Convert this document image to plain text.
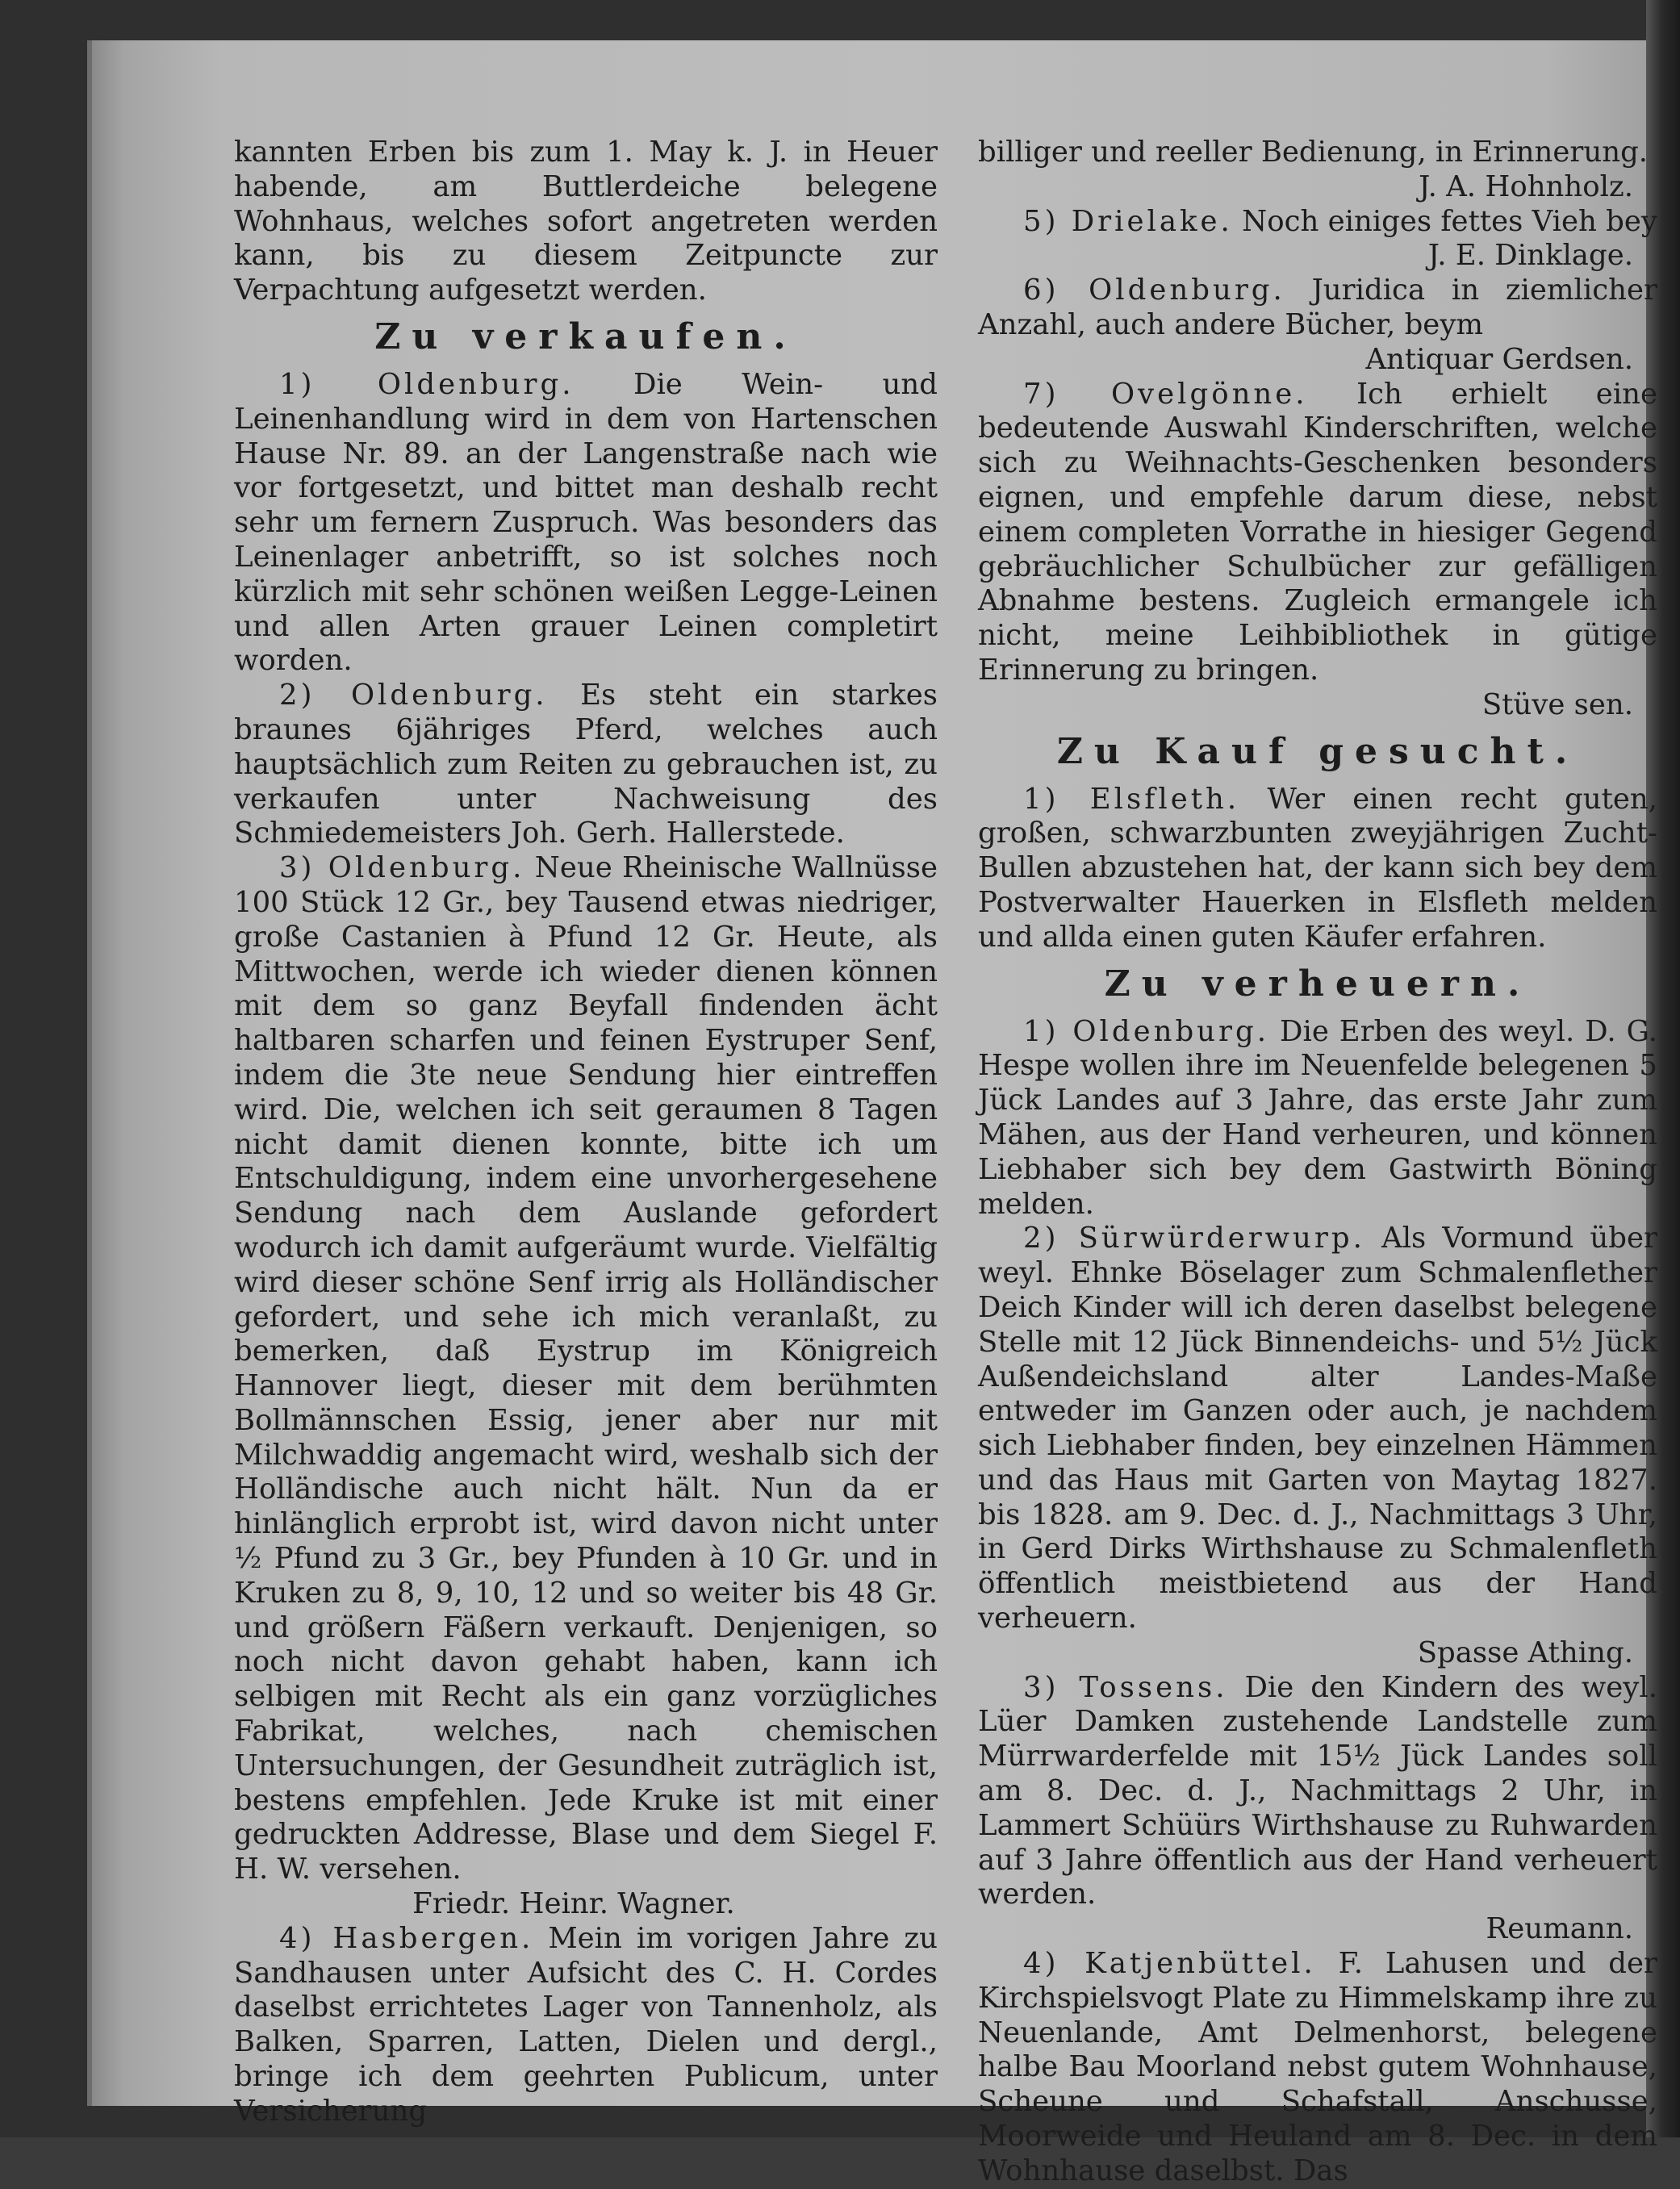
kannten Erben bis zum 1. May k. J. in Heuer habende, am Buttlerdeiche belegene Wohnhaus, welches sofort angetreten werden kann, bis zu diesem Zeitpuncte zur Verpachtung aufgesetzt werden.

Zu verkaufen.

1) Oldenburg. Die Wein- und Leinenhandlung wird in dem von Hartenschen Hause Nr. 89. an der Langenstraße nach wie vor fortgesetzt, und bittet man deshalb recht sehr um fernern Zuspruch. Was besonders das Leinenlager anbetrifft, so ist solches noch kürzlich mit sehr schönen weißen Legge-Leinen und allen Arten grauer Leinen completirt worden.

2) Oldenburg. Es steht ein starkes braunes 6jähriges Pferd, welches auch hauptsächlich zum Reiten zu gebrauchen ist, zu verkaufen unter Nachweisung des Schmiedemeisters Joh. Gerh. Hallerstede.

3) Oldenburg. Neue Rheinische Wallnüsse 100 Stück 12 Gr., bey Tausend etwas niedriger, große Castanien à Pfund 12 Gr. Heute, als Mittwochen, werde ich wieder dienen können mit dem so ganz Beyfall findenden ächt haltbaren scharfen und feinen Eystruper Senf, indem die 3te neue Sendung hier eintreffen wird. Die, welchen ich seit geraumen 8 Tagen nicht damit dienen konnte, bitte ich um Entschuldigung, indem eine unvorhergesehene Sendung nach dem Auslande gefordert wodurch ich damit aufgeräumt wurde. Vielfältig wird dieser schöne Senf irrig als Holländischer gefordert, und sehe ich mich veranlaßt, zu bemerken, daß Eystrup im Königreich Hannover liegt, dieser mit dem berühmten Bollmännschen Essig, jener aber nur mit Milchwaddig angemacht wird, weshalb sich der Holländische auch nicht hält. Nun da er hinlänglich erprobt ist, wird davon nicht unter ½ Pfund zu 3 Gr., bey Pfunden à 10 Gr. und in Kruken zu 8, 9, 10, 12 und so weiter bis 48 Gr. und größern Fäßern verkauft. Denjenigen, so noch nicht davon gehabt haben, kann ich selbigen mit Recht als ein ganz vorzügliches Fabrikat, welches, nach chemischen Untersuchungen, der Gesundheit zuträglich ist, bestens empfehlen. Jede Kruke ist mit einer gedruckten Addresse, Blase und dem Siegel F. H. W. versehen.

Friedr. Heinr. Wagner.

4) Hasbergen. Mein im vorigen Jahre zu Sandhausen unter Aufsicht des C. H. Cordes daselbst errichtetes Lager von Tannenholz, als Balken, Sparren, Latten, Dielen und dergl., bringe ich dem geehrten Publicum, unter Versicherung

billiger und reeller Bedienung, in Erinnerung.

J. A. Hohnholz.

5) Drielake. Noch einiges fettes Vieh bey

J. E. Dinklage.

6) Oldenburg. Juridica in ziemlicher Anzahl, auch andere Bücher, beym

Antiquar Gerdsen.

7) Ovelgönne. Ich erhielt eine bedeutende Auswahl Kinderschriften, welche sich zu Weihnachts-Geschenken besonders eignen, und empfehle darum diese, nebst einem completen Vorrathe in hiesiger Gegend gebräuchlicher Schulbücher zur gefälligen Abnahme bestens. Zugleich ermangele ich nicht, meine Leihbibliothek in gütige Erinnerung zu bringen.

Stüve sen.

Zu Kauf gesucht.

1) Elsfleth. Wer einen recht guten, großen, schwarzbunten zweyjährigen Zucht-Bullen abzustehen hat, der kann sich bey dem Postverwalter Hauerken in Elsfleth melden und allda einen guten Käufer erfahren.

Zu verheuern.

1) Oldenburg. Die Erben des weyl. D. G. Hespe wollen ihre im Neuenfelde belegenen 5 Jück Landes auf 3 Jahre, das erste Jahr zum Mähen, aus der Hand verheuren, und können Liebhaber sich bey dem Gastwirth Böning melden.

2) Sürwürderwurp. Als Vormund über weyl. Ehnke Böselager zum Schmalenflether Deich Kinder will ich deren daselbst belegene Stelle mit 12 Jück Binnendeichs- und 5½ Jück Außendeichsland alter Landes-Maße entweder im Ganzen oder auch, je nachdem sich Liebhaber finden, bey einzelnen Hämmen und das Haus mit Garten von Maytag 1827. bis 1828. am 9. Dec. d. J., Nachmittags 3 Uhr, in Gerd Dirks Wirthshause zu Schmalenfleth öffentlich meistbietend aus der Hand verheuern.

Spasse Athing.

3) Tossens. Die den Kindern des weyl. Lüer Damken zustehende Landstelle zum Mürrwarderfelde mit 15½ Jück Landes soll am 8. Dec. d. J., Nachmittags 2 Uhr, in Lammert Schüürs Wirthshause zu Ruhwarden auf 3 Jahre öffentlich aus der Hand verheuert werden.

Reumann.

4) Katjenbüttel. F. Lahusen und der Kirchspielsvogt Plate zu Himmelskamp ihre zu Neuenlande, Amt Delmenhorst, belegene halbe Bau Moorland nebst gutem Wohnhause, Scheune und Schafstall, Anschusse, Moorweide und Heuland am 8. Dec. in dem Wohnhause daselbst. Das
